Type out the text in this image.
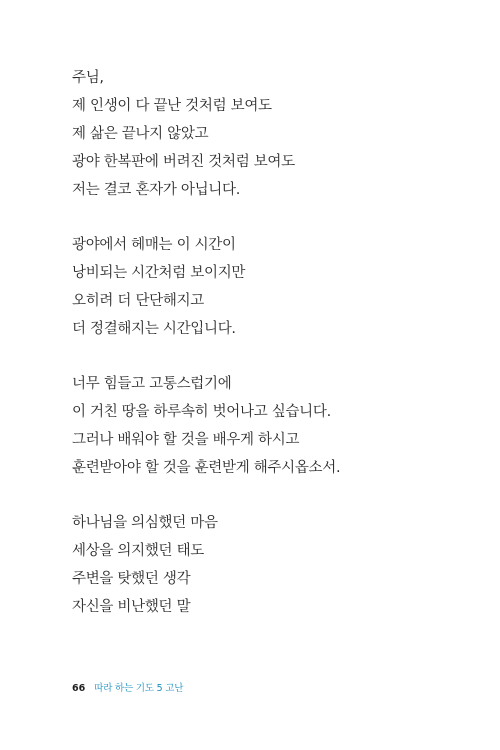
주님,
제 인생이 다 끝난 것처럼 보여도
제 삶은 끝나지 않았고
광야 한복판에 버려진 것처럼 보여도
저는 결코 혼자가 아닙니다.
광야에서 헤매는 이 시간이
낭비되는 시간처럼 보이지만
오히려 더 단단해지고
더 정결해지는 시간입니다.
너무 힘들고 고통스럽기에
이 거친 땅을 하루속히 벗어나고 싶습니다.
그러나 배워야 할 것을 배우게 하시고
훈련받아야 할 것을 훈련받게 해주시옵소서.
하나님을 의심했던 마음
세상을 의지했던 태도
주변을 탓했던 생각
자신을 비난했던 말
66 따라 하는 기도 5 고난
